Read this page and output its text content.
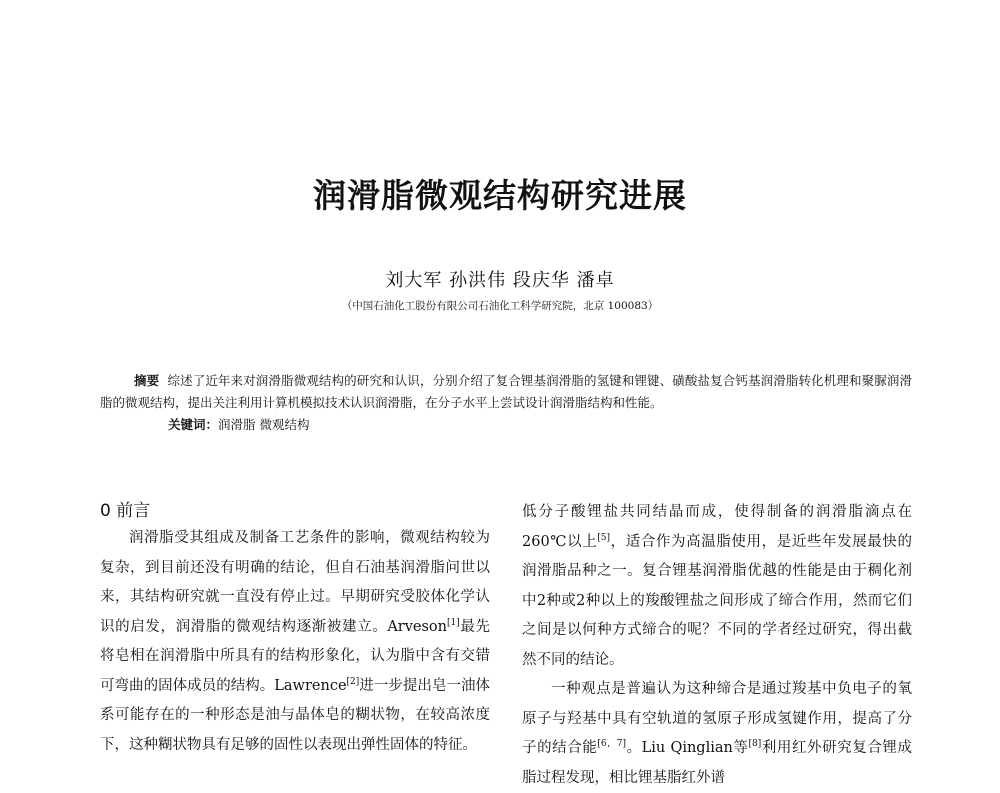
润滑脂微观结构研究进展
刘大军 孙洪伟 段庆华 潘卓
（中国石油化工股份有限公司石油化工科学研究院，北京 100083）

摘要 综述了近年来对润滑脂微观结构的研究和认识，分别介绍了复合锂基润滑脂的氢键和锂键、磺酸盐复合钙基润滑脂转化机理和聚脲润滑脂的微观结构，提出关注利用计算机模拟技术认识润滑脂，在分子水平上尝试设计润滑脂结构和性能。

关键词：润滑脂 微观结构

0 前言

润滑脂受其组成及制备工艺条件的影响，微观结构较为复杂，到目前还没有明确的结论，但自石油基润滑脂问世以来，其结构研究就一直没有停止过。早期研究受胶体化学认识的启发，润滑脂的微观结构逐渐被建立。Arveson[1]最先将皂相在润滑脂中所具有的结构形象化，认为脂中含有交错可弯曲的固体成员的结构。Lawrence[2]进一步提出皂一油体系可能存在的一种形态是油与晶体皂的糊状物，在较高浓度下，这种糊状物具有足够的固性以表现出弹性固体的特征。

低分子酸锂盐共同结晶而成，使得制备的润滑脂滴点在260℃以上[5]，适合作为高温脂使用，是近些年发展最快的润滑脂品种之一。复合锂基润滑脂优越的性能是由于稠化剂中2种或2种以上的羧酸锂盐之间形成了缔合作用，然而它们之间是以何种方式缔合的呢？不同的学者经过研究，得出截然不同的结论。

一种观点是普遍认为这种缔合是通过羧基中负电子的氧原子与羟基中具有空轨道的氢原子形成氢键作用，提高了分子的结合能[6，7]。Liu Qinglian等[8]利用红外研究复合锂成脂过程发现，相比锂基脂红外谱
